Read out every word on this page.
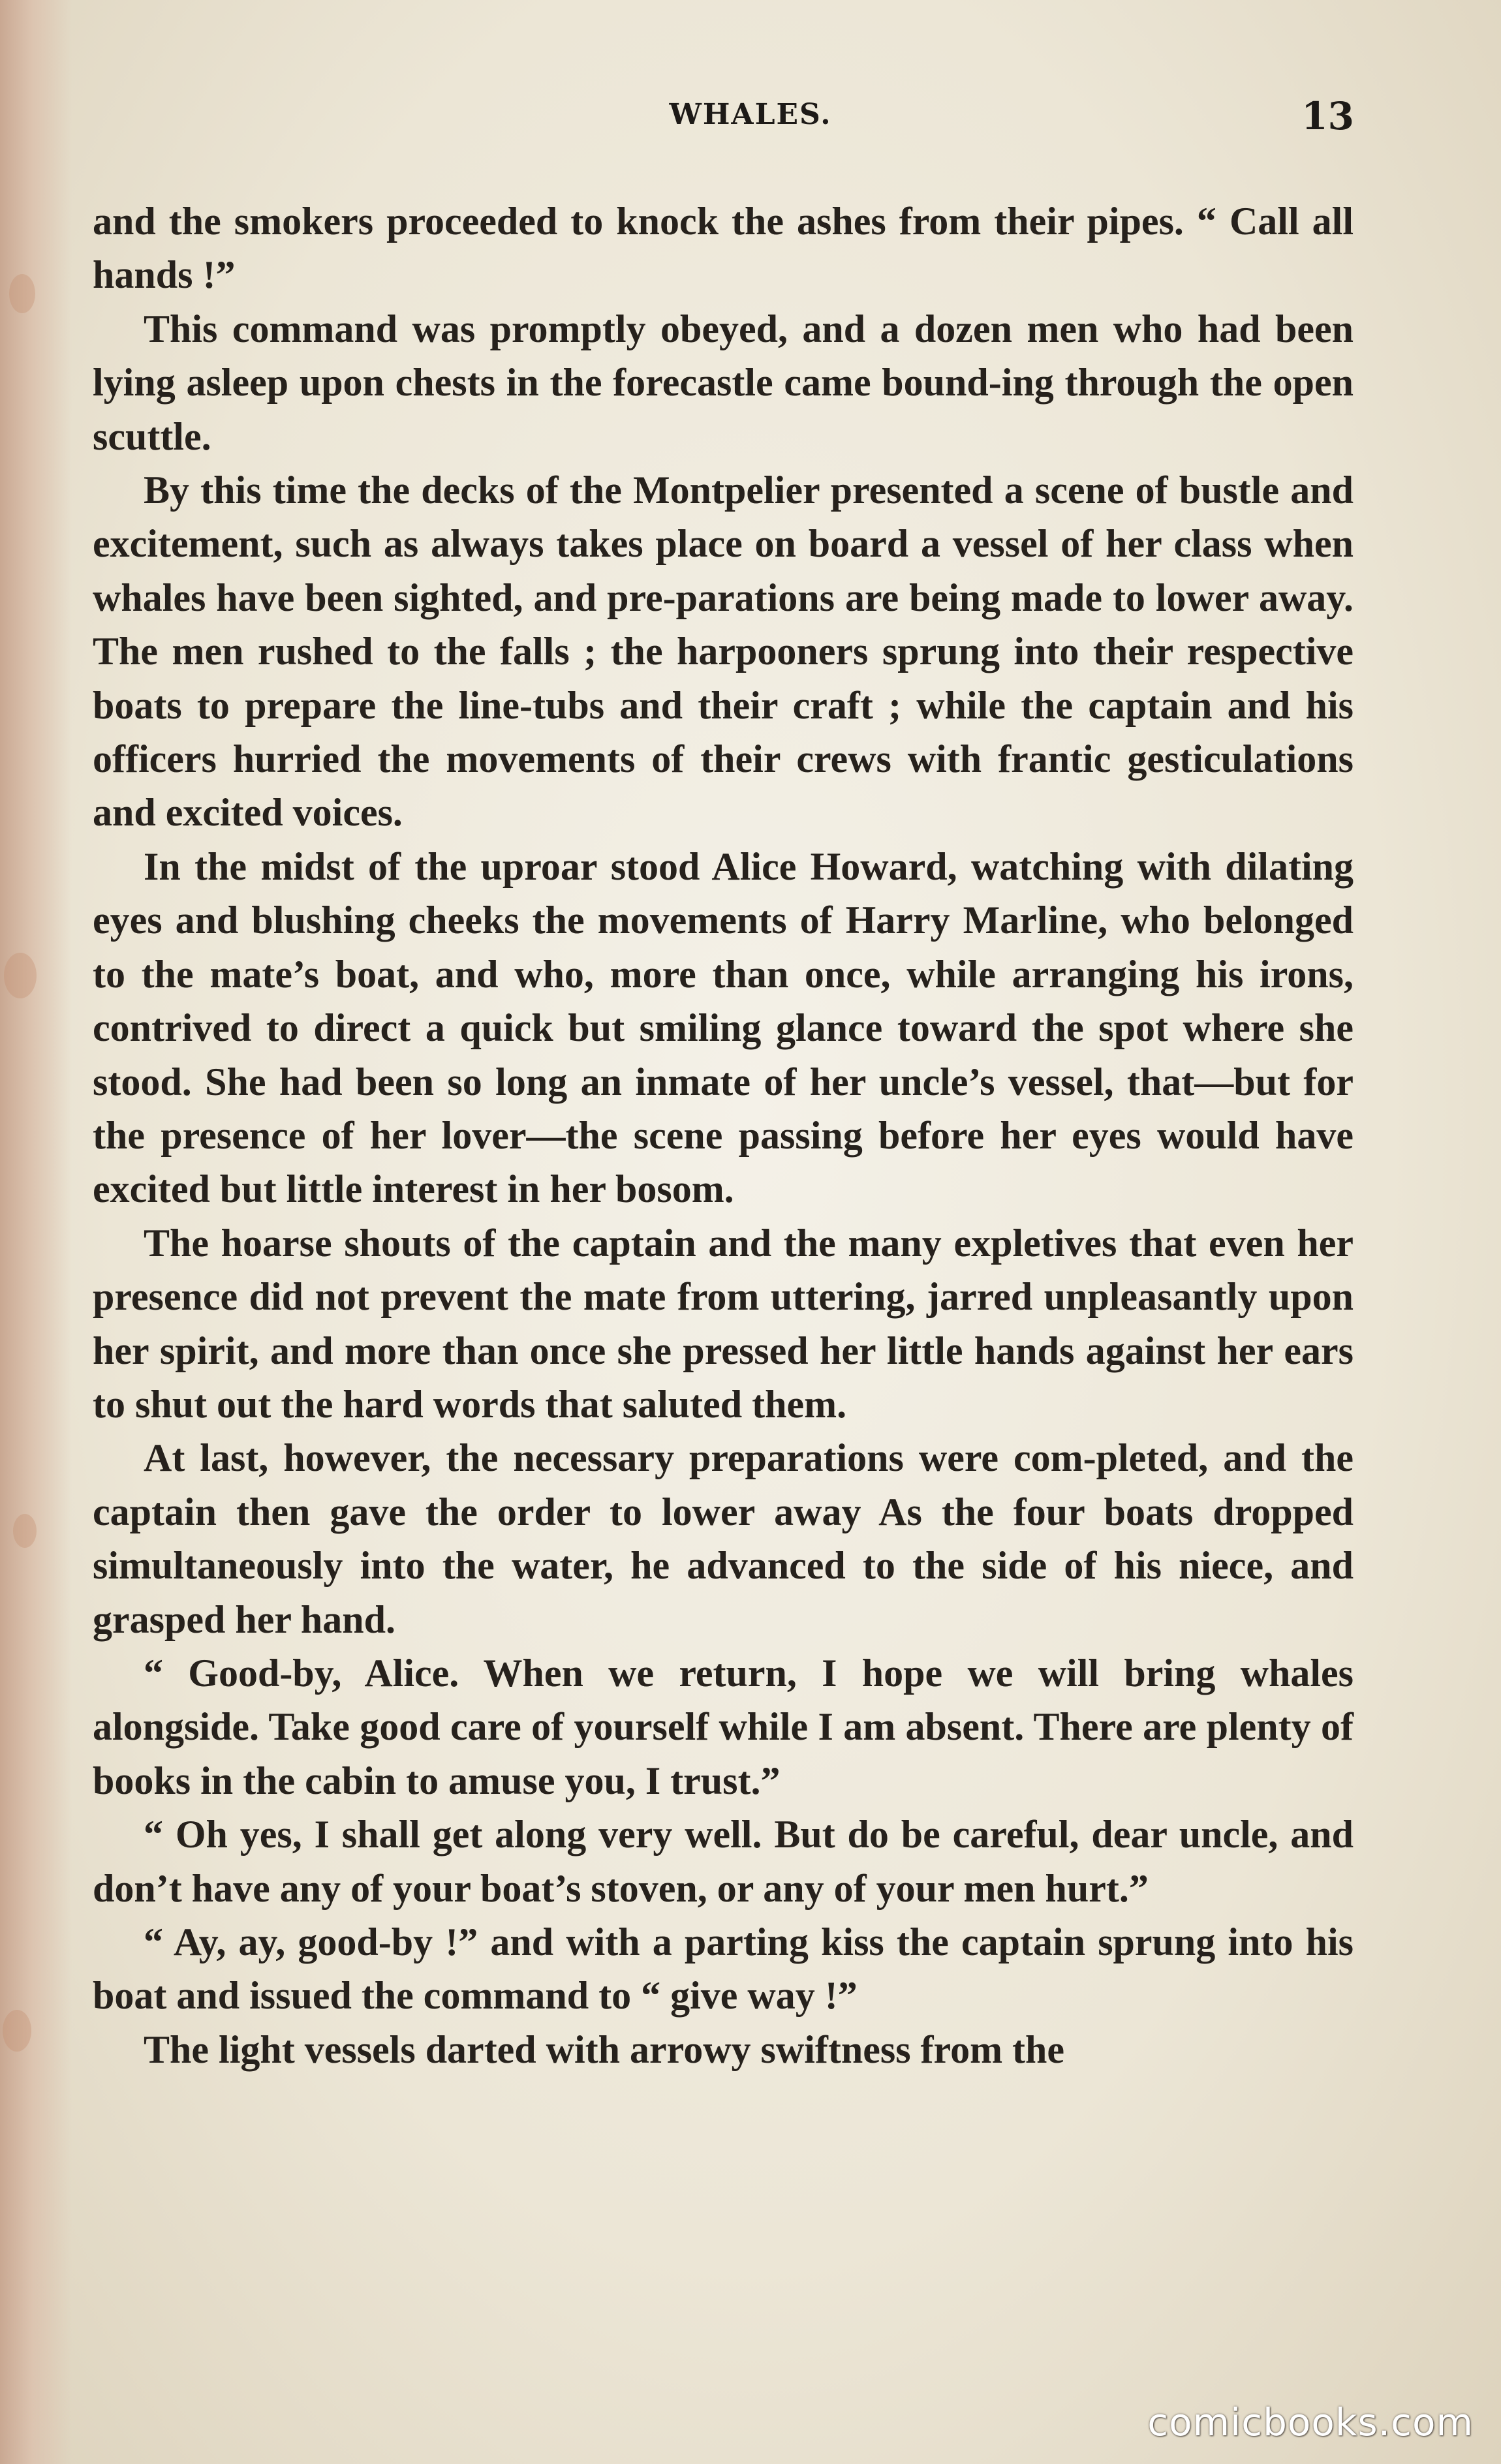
WHALES.	13

and the smokers proceeded to knock the ashes from their pipes. “ Call all hands !”

This command was promptly obeyed, and a dozen men who had been lying asleep upon chests in the forecastle came bound-ing through the open scuttle.

By this time the decks of the Montpelier presented a scene of bustle and excitement, such as always takes place on board a vessel of her class when whales have been sighted, and pre-parations are being made to lower away. The men rushed to the falls ; the harpooners sprung into their respective boats to prepare the line-tubs and their craft ; while the captain and his officers hurried the movements of their crews with frantic gesticulations and excited voices.

In the midst of the uproar stood Alice Howard, watching with dilating eyes and blushing cheeks the movements of Harry Marline, who belonged to the mate’s boat, and who, more than once, while arranging his irons, contrived to direct a quick but smiling glance toward the spot where she stood. She had been so long an inmate of her uncle’s vessel, that—but for the presence of her lover—the scene passing before her eyes would have excited but little interest in her bosom.

The hoarse shouts of the captain and the many expletives that even her presence did not prevent the mate from uttering, jarred unpleasantly upon her spirit, and more than once she pressed her little hands against her ears to shut out the hard words that saluted them.

At last, however, the necessary preparations were com-pleted, and the captain then gave the order to lower away As the four boats dropped simultaneously into the water, he advanced to the side of his niece, and grasped her hand.

“ Good-by, Alice. When we return, I hope we will bring whales alongside. Take good care of yourself while I am absent. There are plenty of books in the cabin to amuse you, I trust.”

“ Oh yes, I shall get along very well. But do be careful, dear uncle, and don’t have any of your boat’s stoven, or any of your men hurt.”

“ Ay, ay, good-by !” and with a parting kiss the captain sprung into his boat and issued the command to “ give way !”

The light vessels darted with arrowy swiftness from the

comicbooks.com
